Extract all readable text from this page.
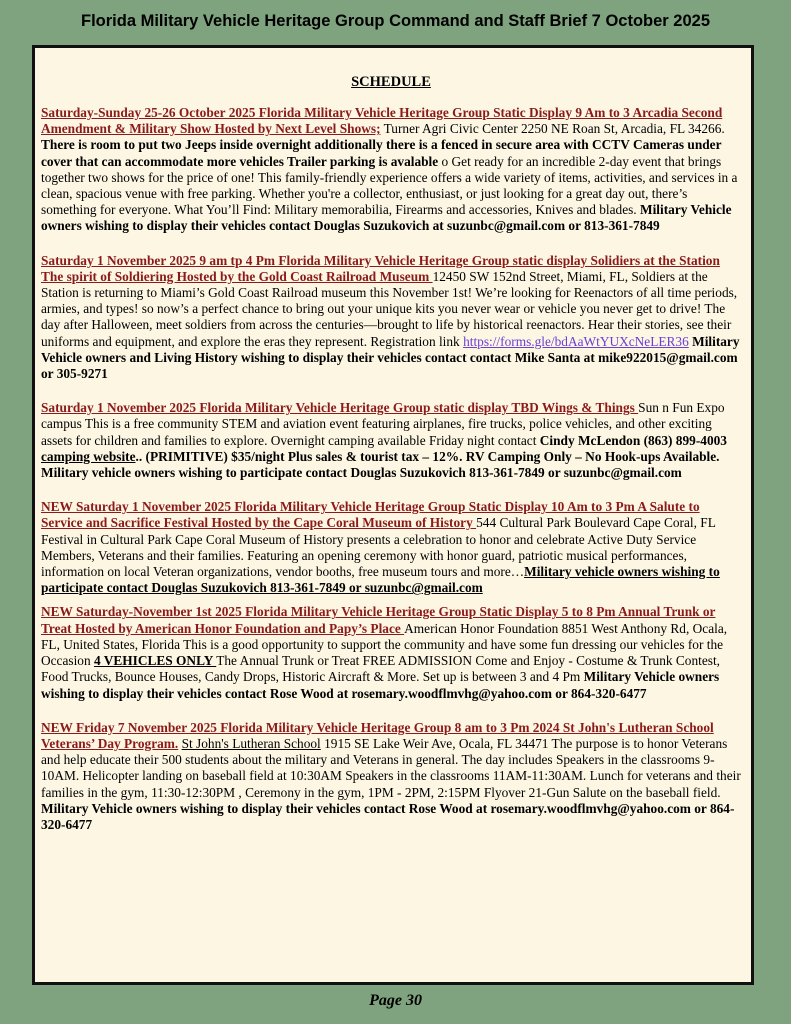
Florida Military Vehicle Heritage Group Command and Staff Brief 7 October 2025
SCHEDULE

Saturday-Sunday 25-26 October 2025 Florida Military Vehicle Heritage Group Static Display 9 Am to 3 Arcadia Second Amendment & Military Show Hosted by Next Level Shows; Turner Agri Civic Center 2250 NE Roan St, Arcadia, FL 34266. There is room to put two Jeeps inside overnight additionally there is a fenced in secure area with CCTV Cameras under cover that can accommodate more vehicles Trailer parking is avalable o Get ready for an incredible 2-day event that brings together two shows for the price of one! This family-friendly experience offers a wide variety of items, activities, and services in a clean, spacious venue with free parking. Whether you're a collector, enthusiast, or just looking for a great day out, there’s something for everyone. What You’ll Find: Military memorabilia, Firearms and accessories, Knives and blades. Military Vehicle owners wishing to display their vehicles contact Douglas Suzukovich at suzunbc@gmail.com or 813-361-7849

Saturday 1 November 2025 9 am tp 4 Pm Florida Military Vehicle Heritage Group static display Solidiers at the Station The spirit of Soldiering Hosted by the Gold Coast Railroad Museum 12450 SW 152nd Street, Miami, FL, Soldiers at the Station is returning to Miami’s Gold Coast Railroad museum this November 1st! We’re looking for Reenactors of all time periods, armies, and types! so now’s a perfect chance to bring out your unique kits you never wear or vehicle you never get to drive! The day after Halloween, meet soldiers from across the centuries—brought to life by historical reenactors. Hear their stories, see their uniforms and equipment, and explore the eras they represent. Registration link https://forms.gle/bdAaWtYUXcNeLER36 Military Vehicle owners and Living History wishing to display their vehicles contact contact Mike Santa at mike922015@gmail.com or 305-9271

Saturday 1 November 2025 Florida Military Vehicle Heritage Group static display TBD Wings & Things Sun n Fun Expo campus This is a free community STEM and aviation event featuring airplanes, fire trucks, police vehicles, and other exciting assets for children and families to explore. Overnight camping available Friday night contact Cindy McLendon (863) 899-4003 camping website.. (PRIMITIVE) $35/night Plus sales & tourist tax – 12%. RV Camping Only – No Hook-ups Available. Military vehicle owners wishing to participate contact Douglas Suzukovich 813-361-7849 or suzunbc@gmail.com

NEW Saturday 1 November 2025 Florida Military Vehicle Heritage Group Static Display 10 Am to 3 Pm A Salute to Service and Sacrifice Festival Hosted by the Cape Coral Museum of History 544 Cultural Park Boulevard Cape Coral, FL Festival in Cultural Park Cape Coral Museum of History presents a celebration to honor and celebrate Active Duty Service Members, Veterans and their families. Featuring an opening ceremony with honor guard, patriotic musical performances, information on local Veteran organizations, vendor booths, free museum tours and more…Military vehicle owners wishing to participate contact Douglas Suzukovich 813-361-7849 or suzunbc@gmail.com

NEW Saturday-November 1st 2025 Florida Military Vehicle Heritage Group Static Display 5 to 8 Pm Annual Trunk or Treat Hosted by American Honor Foundation and Papy’s Place American Honor Foundation 8851 West Anthony Rd, Ocala, FL, United States, Florida This is a good opportunity to support the community and have some fun dressing our vehicles for the Occasion 4 VEHICLES ONLY The Annual Trunk or Treat FREE ADMISSION Come and Enjoy - Costume & Trunk Contest, Food Trucks, Bounce Houses, Candy Drops, Historic Aircraft & More. Set up is between 3 and 4 Pm Military Vehicle owners wishing to display their vehicles contact Rose Wood at rosemary.woodflmvhg@yahoo.com or 864-320-6477

NEW Friday 7 November 2025 Florida Military Vehicle Heritage Group 8 am to 3 Pm 2024 St John's Lutheran School Veterans’ Day Program. St John's Lutheran School 1915 SE Lake Weir Ave, Ocala, FL 34471 The purpose is to honor Veterans and help educate their 500 students about the military and Veterans in general. The day includes Speakers in the classrooms 9-10AM. Helicopter landing on baseball field at 10:30AM Speakers in the classrooms 11AM-11:30AM. Lunch for veterans and their families in the gym, 11:30-12:30PM , Ceremony in the gym, 1PM - 2PM, 2:15PM Flyover 21-Gun Salute on the baseball field. Military Vehicle owners wishing to display their vehicles contact Rose Wood at rosemary.woodflmvhg@yahoo.com or 864-320-6477

Page 30
